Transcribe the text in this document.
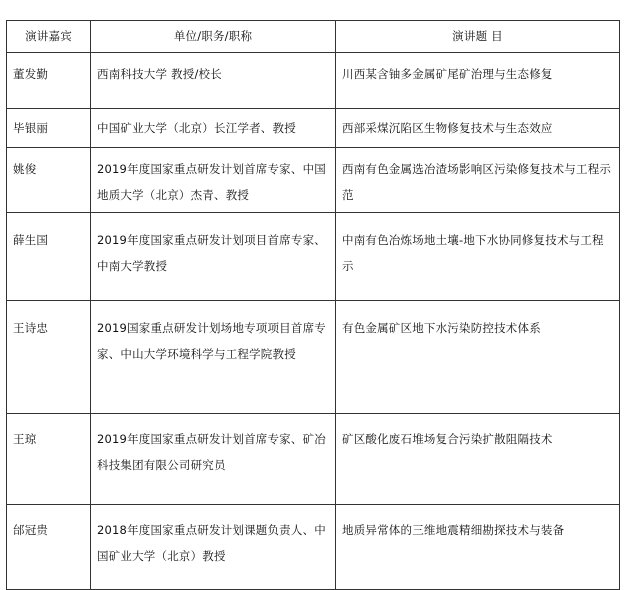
演讲嘉宾	单位/职务/职称	演讲题 目
董发勤	西南科技大学 教授/校长	川西某含铀多金属矿尾矿治理与生态修复
毕银丽	中国矿业大学（北京）长江学者、教授	西部采煤沉陷区生物修复技术与生态效应
姚俊	2019年度国家重点研发计划首席专家、中国地质大学（北京）杰青、教授	西南有色金属选冶渣场影响区污染修复技术与工程示范
薛生国	2019年度国家重点研发计划项目首席专家、中南大学教授	中南有色冶炼场地土壤-地下水协同修复技术与工程示
王诗忠	2019国家重点研发计划场地专项项目首席专家、中山大学环境科学与工程学院教授	有色金属矿区地下水污染防控技术体系
王琼	2019年度国家重点研发计划首席专家、矿冶科技集团有限公司研究员	矿区酸化废石堆场复合污染扩散阻隔技术
邰冠贵	2018年度国家重点研发计划课题负责人、中国矿业大学（北京）教授	地质异常体的三维地震精细勘探技术与装备
